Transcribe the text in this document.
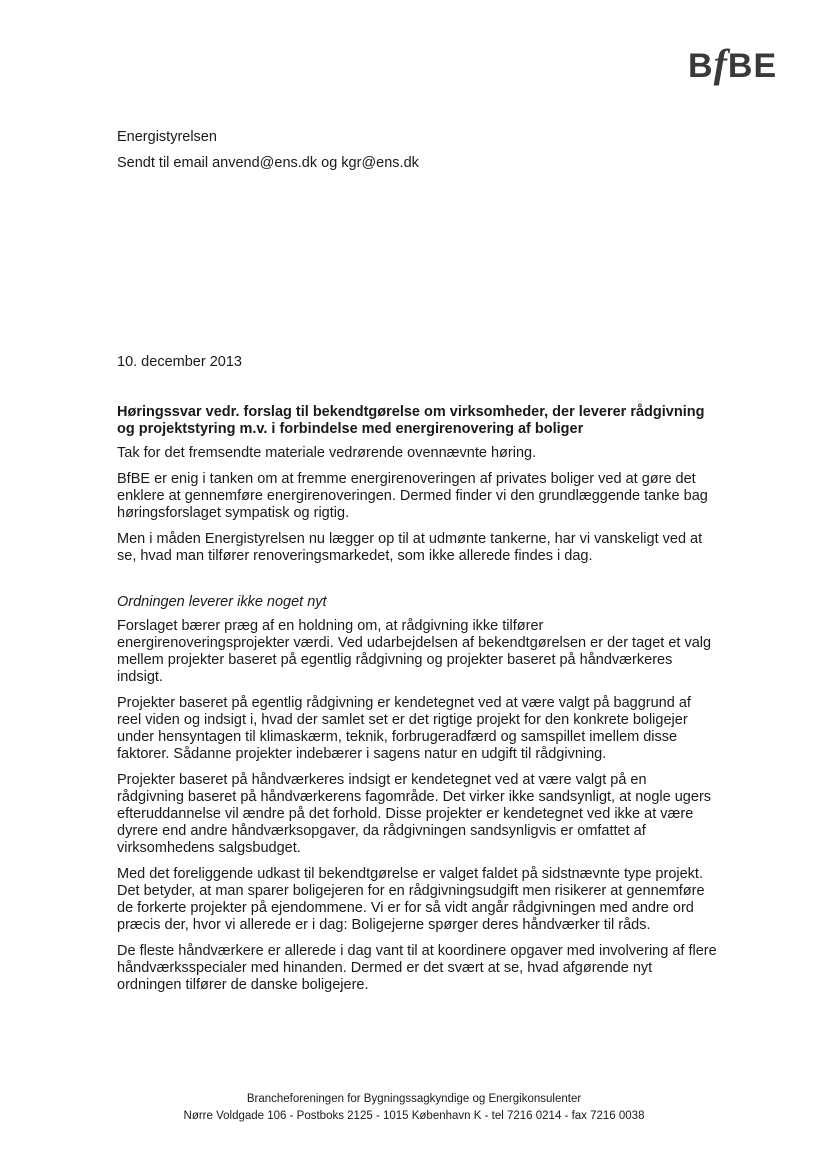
BfBE
Energistyrelsen
Sendt til email anvend@ens.dk og kgr@ens.dk
10. december 2013

Høringssvar vedr. forslag til bekendtgørelse om virksomheder, der leverer rådgivning og projektstyring m.v. i forbindelse med energirenovering af boliger

Tak for det fremsendte materiale vedrørende ovennævnte høring.

BfBE er enig i tanken om at fremme energirenoveringen af privates boliger ved at gøre det enklere at gennemføre energirenoveringen. Dermed finder vi den grundlæggende tanke bag høringsforslaget sympatisk og rigtig.

Men i måden Energistyrelsen nu lægger op til at udmønte tankerne, har vi vanskeligt ved at se, hvad man tilfører renoveringsmarkedet, som ikke allerede findes i dag.

Ordningen leverer ikke noget nyt

Forslaget bærer præg af en holdning om, at rådgivning ikke tilfører energirenoveringsprojekter værdi. Ved udarbejdelsen af bekendtgørelsen er der taget et valg mellem projekter baseret på egentlig rådgivning og projekter baseret på håndværkeres indsigt.

Projekter baseret på egentlig rådgivning er kendetegnet ved at være valgt på baggrund af reel viden og indsigt i, hvad der samlet set er det rigtige projekt for den konkrete boligejer under hensyntagen til klimaskærm, teknik, forbrugeradfærd og samspillet imellem disse faktorer. Sådanne projekter indebærer i sagens natur en udgift til rådgivning.

Projekter baseret på håndværkeres indsigt er kendetegnet ved at være valgt på en rådgivning baseret på håndværkerens fagområde. Det virker ikke sandsynligt, at nogle ugers efteruddannelse vil ændre på det forhold. Disse projekter er kendetegnet ved ikke at være dyrere end andre håndværksopgaver, da rådgivningen sandsynligvis er omfattet af virksomhedens salgsbudget.

Med det foreliggende udkast til bekendtgørelse er valget faldet på sidstnævnte type projekt. Det betyder, at man sparer boligejeren for en rådgivningsudgift men risikerer at gennemføre de forkerte projekter på ejendommene. Vi er for så vidt angår rådgivningen med andre ord præcis der, hvor vi allerede er i dag: Boligejerne spørger deres håndværker til råds.

De fleste håndværkere er allerede i dag vant til at koordinere opgaver med involvering af flere håndværksspecialer med hinanden. Dermed er det svært at se, hvad afgørende nyt ordningen tilfører de danske boligejere.

Brancheforeningen for Bygningssagkyndige og Energikonsulenter
Nørre Voldgade 106 - Postboks 2125 - 1015 København K - tel 7216 0214 - fax 7216 0038
